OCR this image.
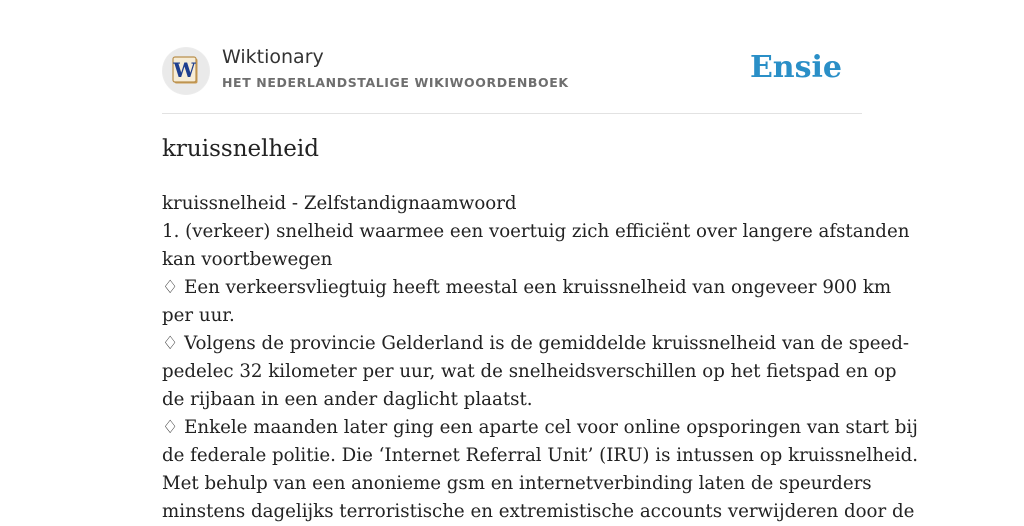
W
Wiktionary
HET NEDERLANDSTALIGE WIKIWOORDENBOEK	Ensie
kruissnelheid
kruissnelheid - Zelfstandignaamwoord
1. (verkeer) snelheid waarmee een voertuig zich efficiënt over langere afstanden
kan voortbewegen
♢ Een verkeersvliegtuig heeft meestal een kruissnelheid van ongeveer 900 km
per uur.
♢ Volgens de provincie Gelderland is de gemiddelde kruissnelheid van de speed-
pedelec 32 kilometer per uur, wat de snelheidsverschillen op het fietspad en op
de rijbaan in een ander daglicht plaatst.
♢ Enkele maanden later ging een aparte cel voor online opsporingen van start bij
de federale politie. Die ‘Internet Referral Unit’ (IRU) is intussen op kruissnelheid.
Met behulp van een anonieme gsm en internetverbinding laten de speurders
minstens dagelijks terroristische en extremistische accounts verwijderen door de
